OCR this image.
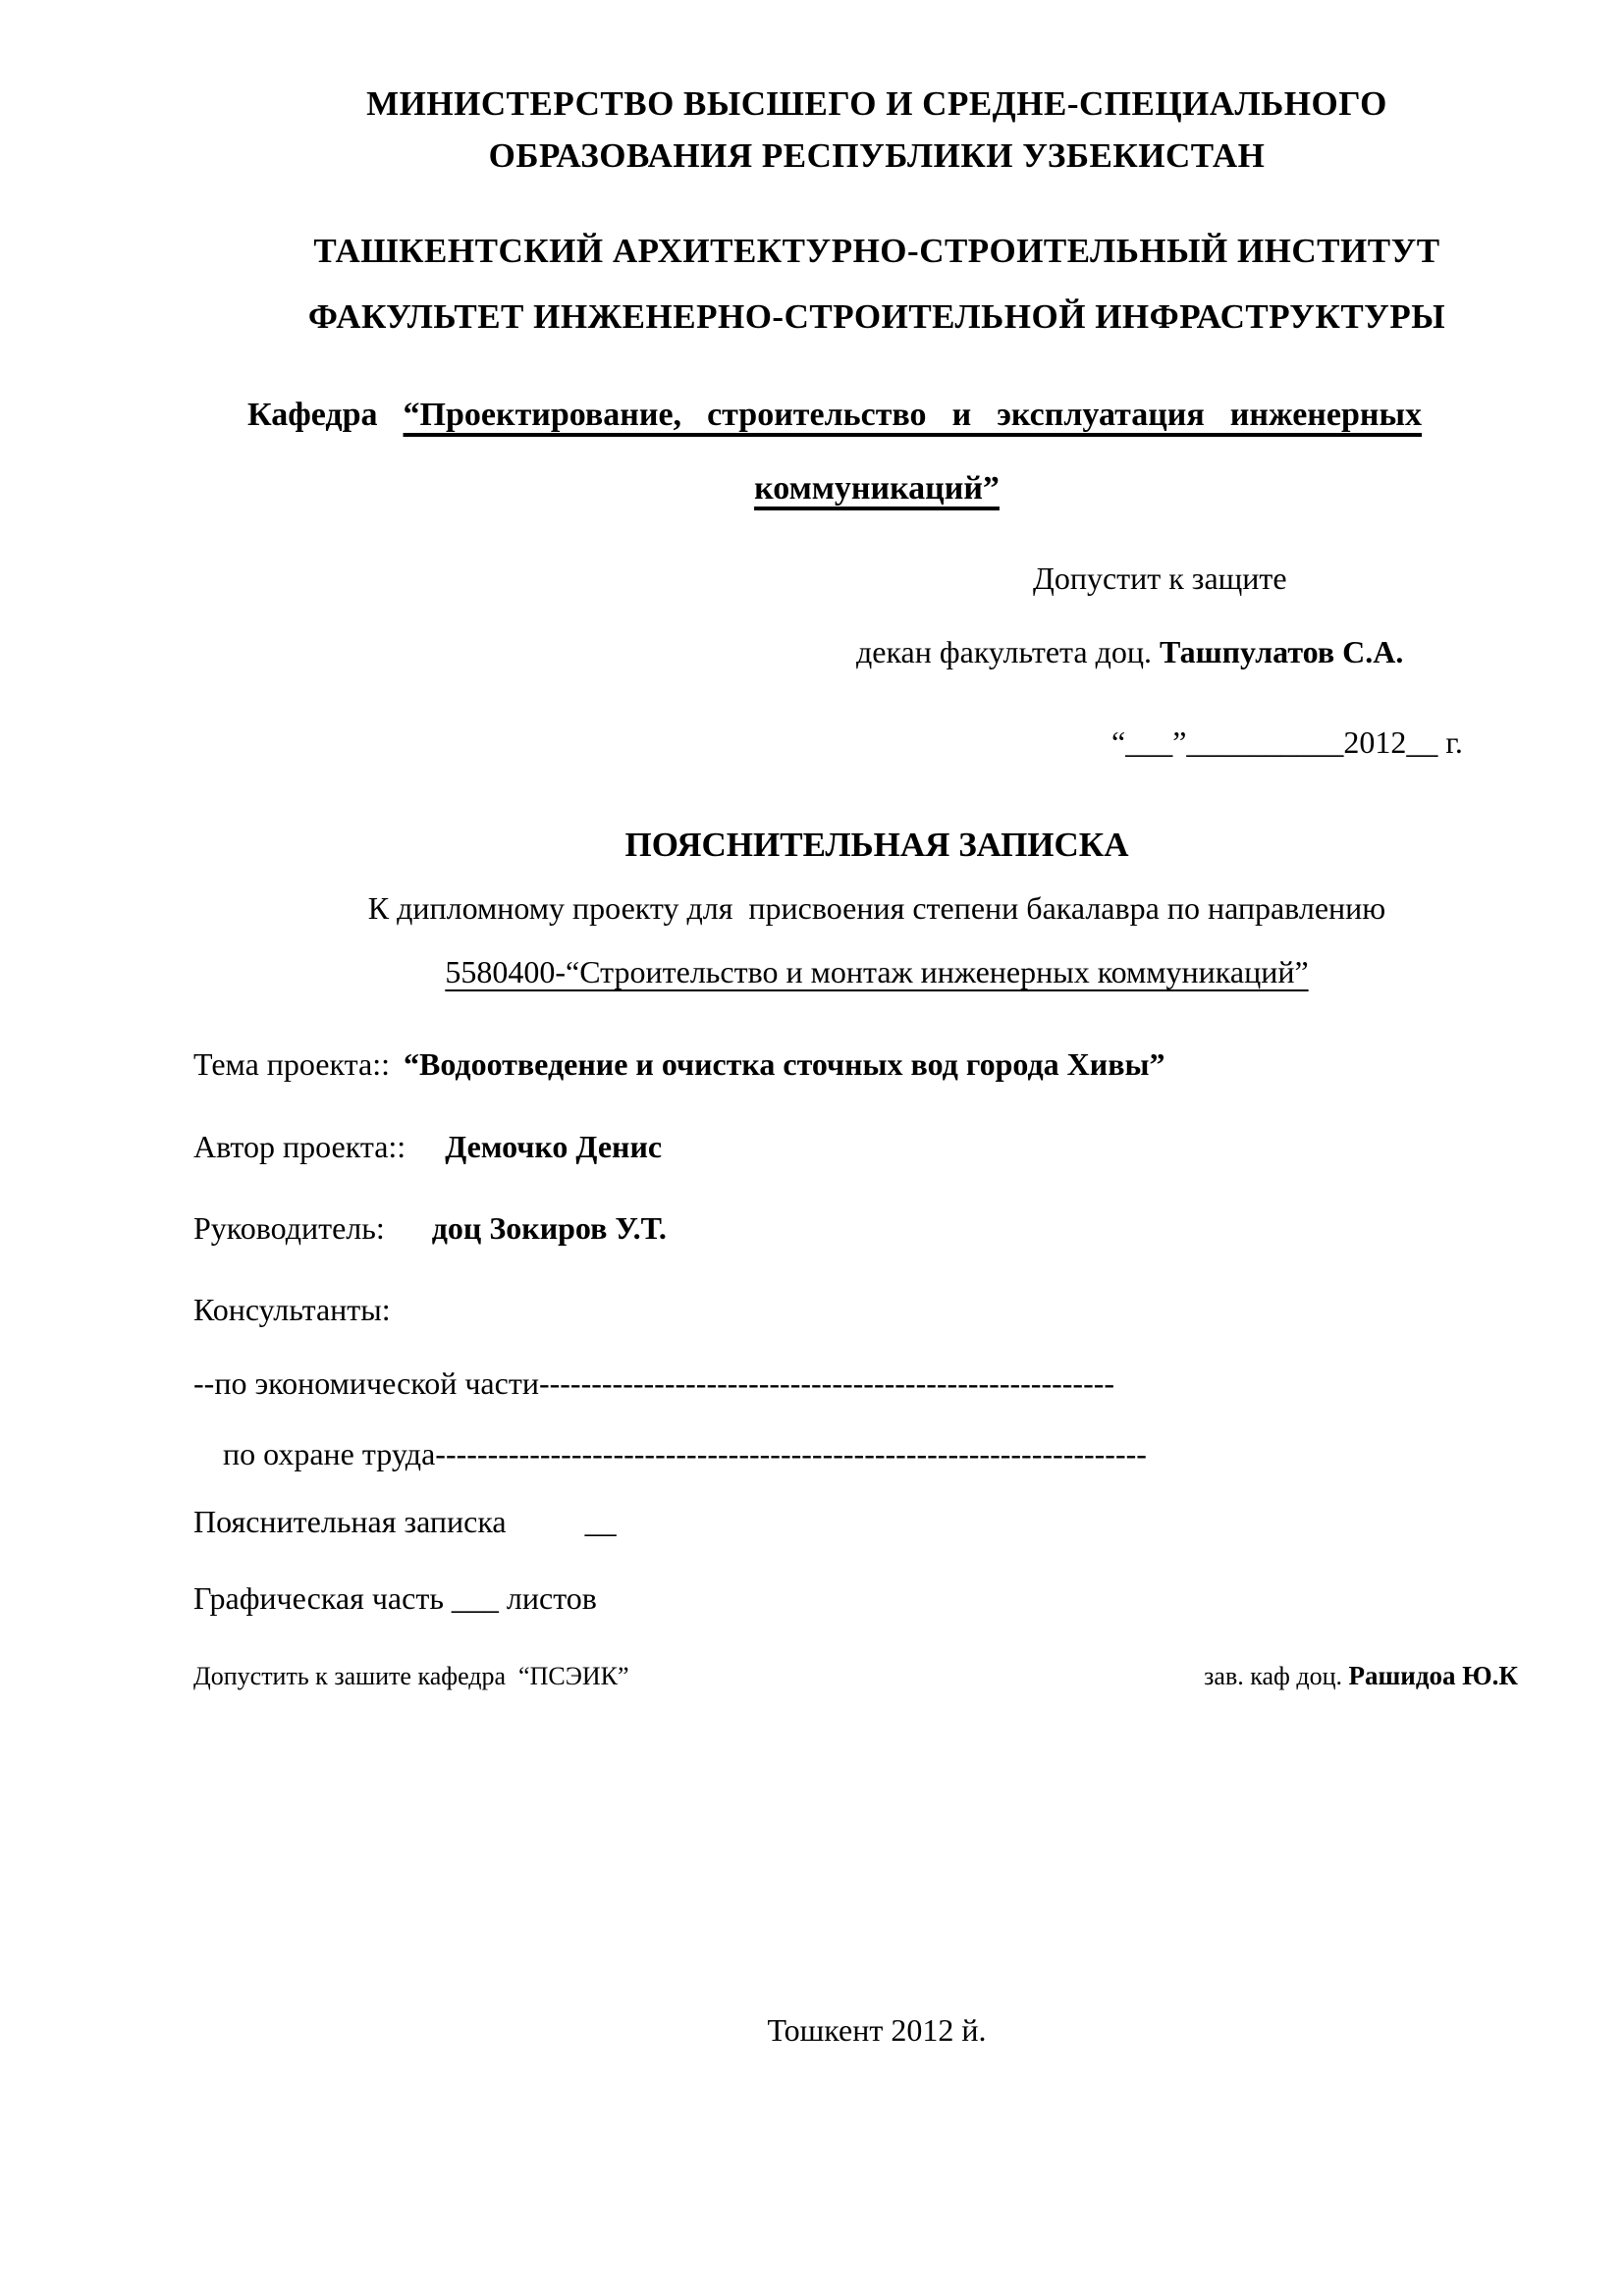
МИНИСТЕРСТВО ВЫСШЕГО И СРЕДНЕ-СПЕЦИАЛЬНОГО
ОБРАЗОВАНИЯ РЕСПУБЛИКИ УЗБЕКИСТАН
ТАШКЕНТСКИЙ АРХИТЕКТУРНО-СТРОИТЕЛЬНЫЙ ИНСТИТУТ
ФАКУЛЬТЕТ ИНЖЕНЕРНО-СТРОИТЕЛЬНОЙ ИНФРАСТРУКТУРЫ
Кафедра “Проектирование, строительство и эксплуатация инженерных
коммуникаций”
Допустит к защите
декан факультета доц. Ташпулатов С.А.
“___”__________2012__ г.
ПОЯСНИТЕЛЬНАЯ ЗАПИСКА
К дипломному проекту для  присвоения степени бакалавра по направлению
5580400-“Строительство и монтаж инженерных коммуникаций”
Тема проекта:: “Водоотведение и очистка сточных вод города Хивы”
Автор проекта:: Демочко Денис
Руководитель: доц Зокиров У.Т.
Консультанты:
--по экономической части-------------------------------------------------------
по охране труда--------------------------------------------------------------------
Пояснительная записка	__
Графическая часть ___ листов
Допустить к зашите кафедра  “ПСЭИК”	зав. каф доц. Рашидоа Ю.К
Тошкент 2012 й.
